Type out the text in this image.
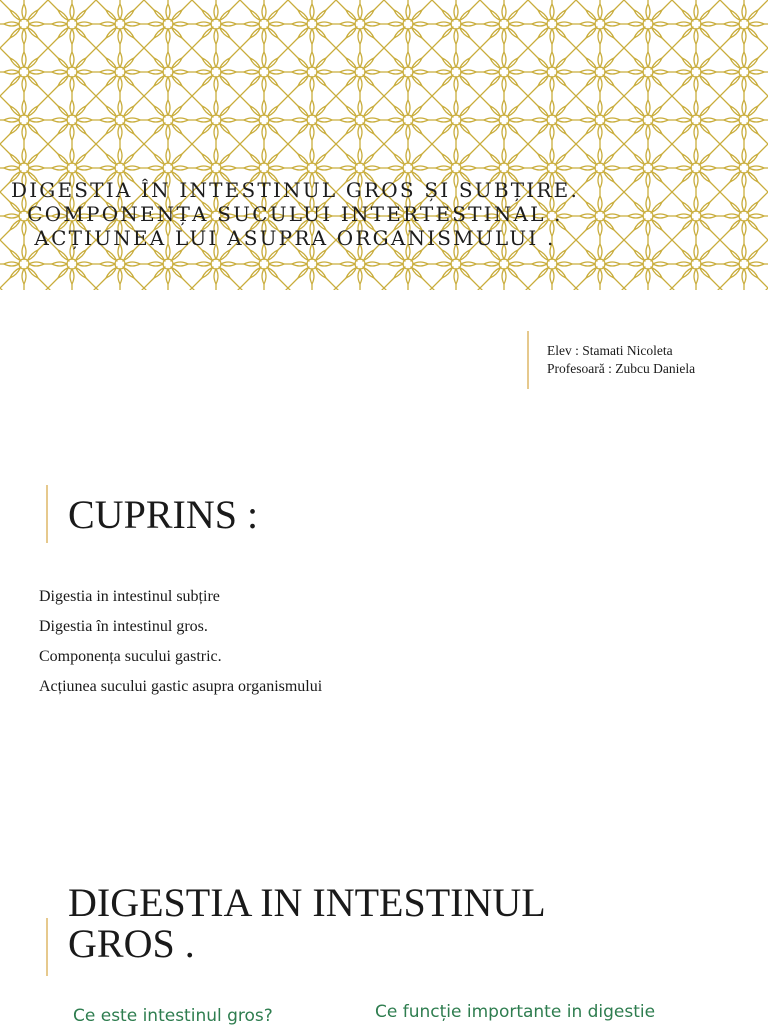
DIGESTIA ÎN INTESTINUL GROS ȘI SUBȚIRE.
COMPONENȚA SUCULUI INTERTESTINAL .
ACȚIUNEA LUI ASUPRA ORGANISMULUI .
Elev : Stamati Nicoleta
Profesoară : Zubcu Daniela
CUPRINS :
Digestia in intestinul subțire
Digestia în intestinul gros.
Componența sucului gastric.
Acțiunea sucului gastic asupra organismului
DIGESTIA IN INTESTINUL
GROS .
Ce este intestinul gros?	Ce funcție importante in digestie
